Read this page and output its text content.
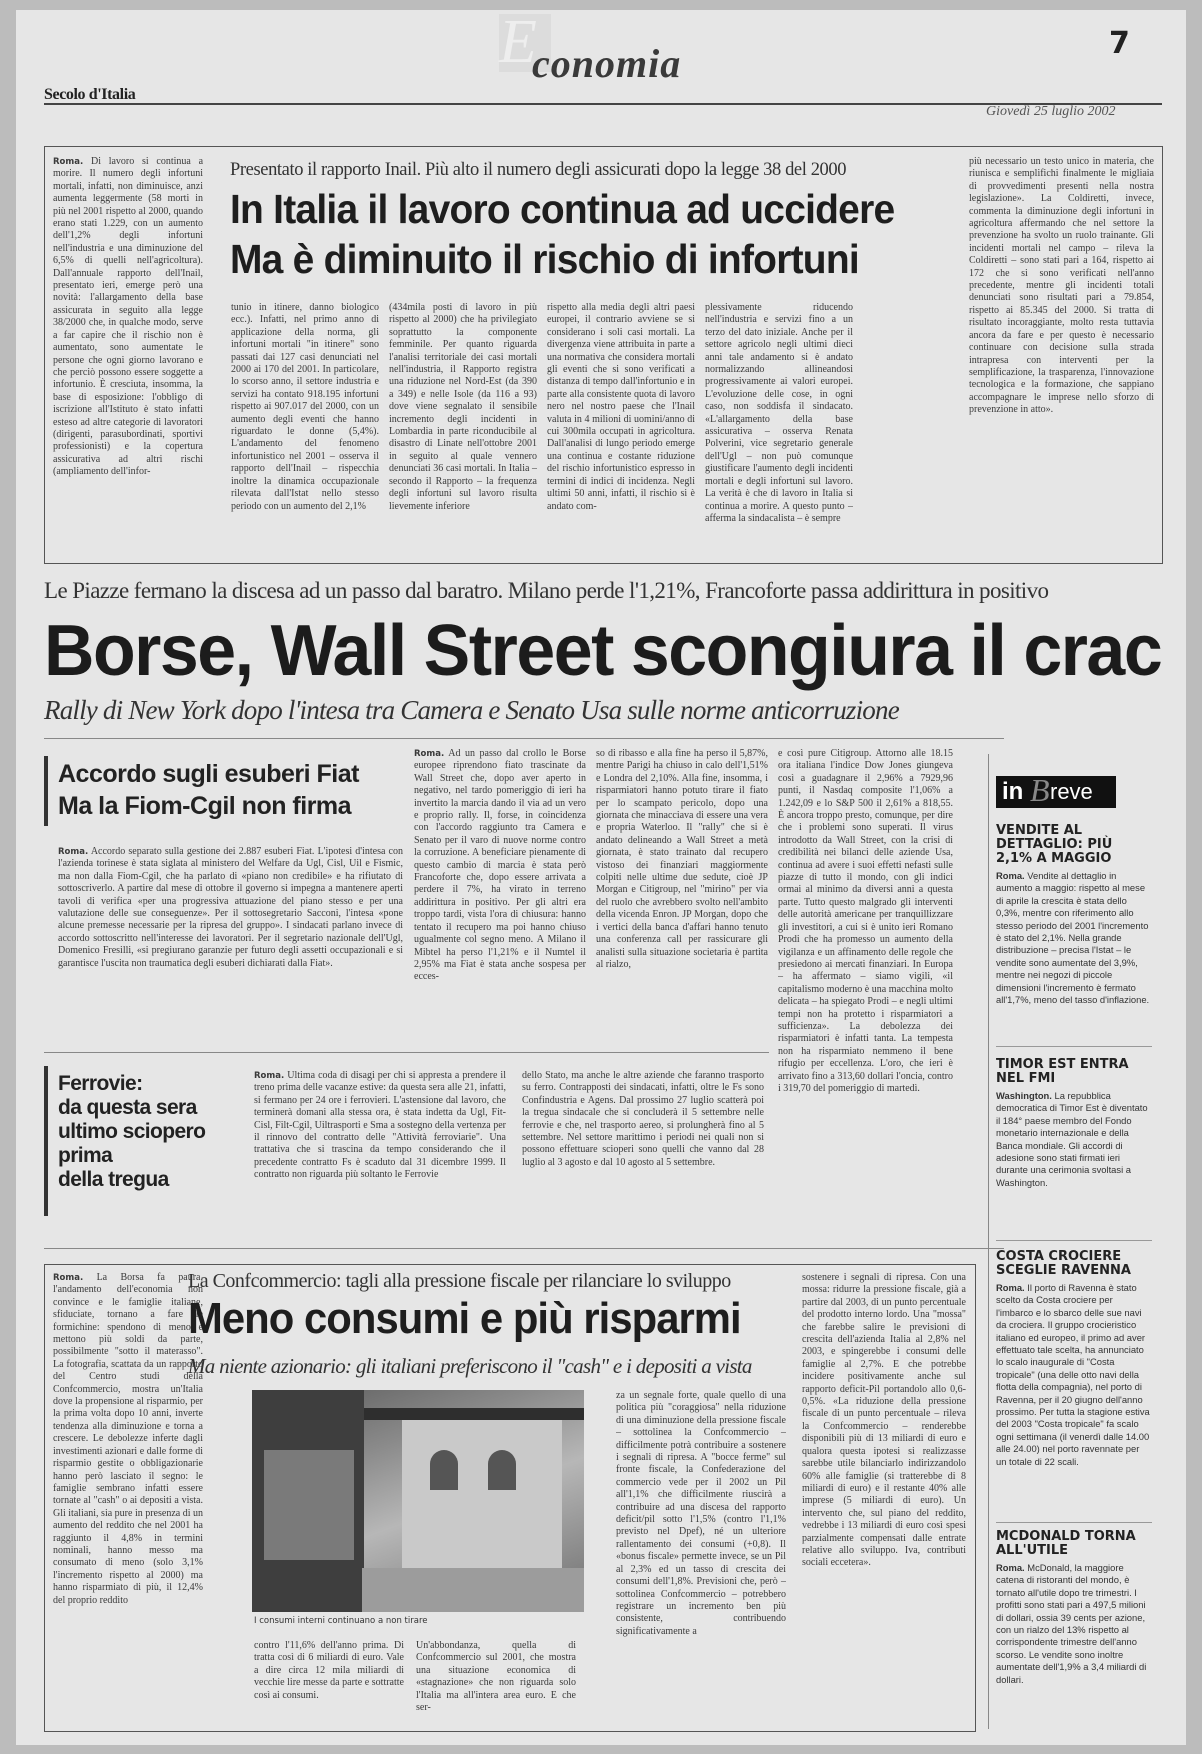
E
conomia	7
Secolo d'Italia
Giovedì 25 luglio 2002
Roma. Di lavoro si continua a morire. Il numero degli infortuni mortali, infatti, non diminuisce, anzi aumenta leggermente (58 morti in più nel 2001 rispetto al 2000, quando erano stati 1.229, con un aumento dell'1,2% degli infortuni nell'industria e una diminuzione del 6,5% di quelli nell'agricoltura). Dall'annuale rapporto dell'Inail, presentato ieri, emerge però una novità: l'allargamento della base assicurata in seguito alla legge 38/2000 che, in qualche modo, serve a far capire che il rischio non è aumentato, sono aumentate le persone che ogni giorno lavorano e che perciò possono essere soggette a infortunio. È cresciuta, insomma, la base di esposizione: l'obbligo di iscrizione all'Istituto è stato infatti esteso ad altre categorie di lavoratori (dirigenti, parasubordinati, sportivi professionisti) e la copertura assicurativa ad altri rischi (ampliamento dell'infor-
Presentato il rapporto Inail. Più alto il numero degli assicurati dopo la legge 38 del 2000
In Italia il lavoro continua ad uccidere
Ma è diminuito il rischio di infortuni
tunio in itinere, danno biologico ecc.). Infatti, nel primo anno di applicazione della norma, gli infortuni mortali "in itinere" sono passati dai 127 casi denunciati nel 2000 ai 170 del 2001. In particolare, lo scorso anno, il settore industria e servizi ha contato 918.195 infortuni rispetto ai 907.017 del 2000, con un aumento degli eventi che hanno riguardato le donne (5,4%). L'andamento del fenomeno infortunistico nel 2001 – osserva il rapporto dell'Inail – rispecchia inoltre la dinamica occupazionale rilevata dall'Istat nello stesso periodo con un aumento del 2,1%
(434mila posti di lavoro in più rispetto al 2000) che ha privilegiato soprattutto la componente femminile. Per quanto riguarda l'analisi territoriale dei casi mortali nell'industria, il Rapporto registra una riduzione nel Nord-Est (da 390 a 349) e nelle Isole (da 116 a 93) dove viene segnalato il sensibile incremento degli incidenti in Lombardia in parte riconducibile al disastro di Linate nell'ottobre 2001 in seguito al quale vennero denunciati 36 casi mortali. In Italia – secondo il Rapporto – la frequenza degli infortuni sul lavoro risulta lievemente inferiore
rispetto alla media degli altri paesi europei, il contrario avviene se si considerano i soli casi mortali. La divergenza viene attribuita in parte a una normativa che considera mortali gli eventi che si sono verificati a distanza di tempo dall'infortunio e in parte alla consistente quota di lavoro nero nel nostro paese che l'Inail valuta in 4 milioni di uomini/anno di cui 300mila occupati in agricoltura. Dall'analisi di lungo periodo emerge una continua e costante riduzione del rischio infortunistico espresso in termini di indici di incidenza. Negli ultimi 50 anni, infatti, il rischio si è andato com-
plessivamente riducendo nell'industria e servizi fino a un terzo del dato iniziale. Anche per il settore agricolo negli ultimi dieci anni tale andamento si è andato normalizzando allineandosi progressivamente ai valori europei. L'evoluzione delle cose, in ogni caso, non soddisfa il sindacato. «L'allargamento della base assicurativa – osserva Renata Polverini, vice segretario generale dell'Ugl – non può comunque giustificare l'aumento degli incidenti mortali e degli infortuni sul lavoro. La verità è che di lavoro in Italia si continua a morire. A questo punto – afferma la sindacalista – è sempre
più necessario un testo unico in materia, che riunisca e semplifichi finalmente le migliaia di provvedimenti presenti nella nostra legislazione». La Coldiretti, invece, commenta la diminuzione degli infortuni in agricoltura affermando che nel settore la prevenzione ha svolto un ruolo trainante. Gli incidenti mortali nel campo – rileva la Coldiretti – sono stati pari a 164, rispetto ai 172 che si sono verificati nell'anno precedente, mentre gli incidenti totali denunciati sono risultati pari a 79.854, rispetto ai 85.345 del 2000. Si tratta di risultato incoraggiante, molto resta tuttavia ancora da fare e per questo è necessario continuare con decisione sulla strada intrapresa con interventi per la semplificazione, la trasparenza, l'innovazione tecnologica e la formazione, che sappiano accompagnare le imprese nello sforzo di prevenzione in atto».
Le Piazze fermano la discesa ad un passo dal baratro. Milano perde l'1,21%, Francoforte passa addirittura in positivo
Borse, Wall Street scongiura il crac
Rally di New York dopo l'intesa tra Camera e Senato Usa sulle norme anticorruzione
Roma. Ad un passo dal crollo le Borse europee riprendono fiato trascinate da Wall Street che, dopo aver aperto in negativo, nel tardo pomeriggio di ieri ha invertito la marcia dando il via ad un vero e proprio rally. Il, forse, in coincidenza con l'accordo raggiunto tra Camera e Senato per il varo di nuove norme contro la corruzione. A beneficiare pienamente di questo cambio di marcia è stata però Francoforte che, dopo essere arrivata a perdere il 7%, ha virato in terreno addirittura in positivo. Per gli altri era troppo tardi, vista l'ora di chiusura: hanno tentato il recupero ma poi hanno chiuso ugualmente col segno meno. A Milano il Mibtel ha perso l'1,21% e il Numtel il 2,95% ma Fiat è stata anche sospesa per ecces-
so di ribasso e alla fine ha perso il 5,87%, mentre Parigi ha chiuso in calo dell'1,51% e Londra del 2,10%. Alla fine, insomma, i risparmiatori hanno potuto tirare il fiato per lo scampato pericolo, dopo una giornata che minacciava di essere una vera e propria Waterloo. Il "rally" che si è andato delineando a Wall Street a metà giornata, è stato trainato dal recupero vistoso dei finanziari maggiormente colpiti nelle ultime due sedute, cioè JP Morgan e Citigroup, nel "mirino" per via del ruolo che avrebbero svolto nell'ambito della vicenda Enron. JP Morgan, dopo che i vertici della banca d'affari hanno tenuto una conferenza call per rassicurare gli analisti sulla situazione societaria è partita al rialzo,
e così pure Citigroup. Attorno alle 18.15 ora italiana l'indice Dow Jones giungeva così a guadagnare il 2,96% a 7929,96 punti, il Nasdaq composite l'1,06% a 1.242,09 e lo S&P 500 il 2,61% a 818,55. È ancora troppo presto, comunque, per dire che i problemi sono superati. Il virus introdotto da Wall Street, con la crisi di credibilità nei bilanci delle aziende Usa, continua ad avere i suoi effetti nefasti sulle piazze di tutto il mondo, con gli indici ormai al minimo da diversi anni a questa parte. Tutto questo malgrado gli interventi delle autorità americane per tranquillizzare gli investitori, a cui si è unito ieri Romano Prodi che ha promesso un aumento della vigilanza e un affinamento delle regole che presiedono ai mercati finanziari. In Europa – ha affermato – siamo vigili, «il capitalismo moderno è una macchina molto delicata – ha spiegato Prodi – e negli ultimi tempi non ha protetto i risparmiatori a sufficienza». La debolezza dei risparmiatori è infatti tanta. La tempesta non ha risparmiato nemmeno il bene rifugio per eccellenza. L'oro, che ieri è arrivato fino a 313,60 dollari l'oncia, contro i 319,70 del pomeriggio di martedì.
Accordo sugli esuberi Fiat
Ma la Fiom-Cgil non firma
Roma. Accordo separato sulla gestione dei 2.887 esuberi Fiat. L'ipotesi d'intesa con l'azienda torinese è stata siglata al ministero del Welfare da Ugl, Cisl, Uil e Fismic, ma non dalla Fiom-Cgil, che ha parlato di «piano non credibile» e ha rifiutato di sottoscriverlo. A partire dal mese di ottobre il governo si impegna a mantenere aperti tavoli di verifica «per una progressiva attuazione del piano stesso e per una valutazione delle sue conseguenze». Per il sottosegretario Sacconi, l'intesa «pone alcune premesse necessarie per la ripresa del gruppo». I sindacati parlano invece di accordo sottoscritto nell'interesse dei lavoratori. Per il segretario nazionale dell'Ugl, Domenico Fresilli, «si pregiurano garanzie per futuro degli assetti occupazionali e si garantisce l'uscita non traumatica degli esuberi dichiarati dalla Fiat».
Ferrovie:
da questa sera
ultimo sciopero
prima
della tregua
Roma. Ultima coda di disagi per chi si appresta a prendere il treno prima delle vacanze estive: da questa sera alle 21, infatti, si fermano per 24 ore i ferrovieri. L'astensione dal lavoro, che terminerà domani alla stessa ora, è stata indetta da Ugl, Fit-Cisl, Filt-Cgil, Uiltrasporti e Sma a sostegno della vertenza per il rinnovo del contratto delle "Attività ferroviarie". Una trattativa che si trascina da tempo considerando che il precedente contratto Fs è scaduto dal 31 dicembre 1999. Il contratto non riguarda più soltanto le Ferrovie
dello Stato, ma anche le altre aziende che faranno trasporto su ferro. Contrapposti dei sindacati, infatti, oltre le Fs sono Confindustria e Agens. Dal prossimo 27 luglio scatterà poi la tregua sindacale che si concluderà il 5 settembre nelle ferrovie e che, nel trasporto aereo, si prolungherà fino al 5 settembre. Nel settore marittimo i periodi nei quali non si possono effettuare scioperi sono quelli che vanno dal 28 luglio al 3 agosto e dal 10 agosto al 5 settembre.
in B reve
VENDITE AL DETTAGLIO: PIÙ 2,1% A MAGGIO

Roma. Vendite al dettaglio in aumento a maggio: rispetto al mese di aprile la crescita è stata dello 0,3%, mentre con riferimento allo stesso periodo del 2001 l'incremento è stato del 2,1%. Nella grande distribuzione – precisa l'Istat – le vendite sono aumentate del 3,9%, mentre nei negozi di piccole dimensioni l'incremento è fermato all'1,7%, meno del tasso d'inflazione.

TIMOR EST ENTRA NEL FMI

Washington. La repubblica democratica di Timor Est è diventato il 184° paese membro del Fondo monetario internazionale e della Banca mondiale. Gli accordi di adesione sono stati firmati ieri durante una cerimonia svoltasi a Washington.

COSTA CROCIERE SCEGLIE RAVENNA

Roma. Il porto di Ravenna è stato scelto da Costa crociere per l'imbarco e lo sbarco delle sue navi da crociera. Il gruppo crocieristico italiano ed europeo, il primo ad aver effettuato tale scelta, ha annunciato lo scalo inaugurale di "Costa tropicale" (una delle otto navi della flotta della compagnia), nel porto di Ravenna, per il 20 giugno dell'anno prossimo. Per tutta la stagione estiva del 2003 "Costa tropicale" fa scalo ogni settimana (il venerdì dalle 14.00 alle 24.00) nel porto ravennate per un totale di 22 scali.

MCDONALD TORNA ALL'UTILE

Roma. McDonald, la maggiore catena di ristoranti del mondo, è tornato all'utile dopo tre trimestri. I profitti sono stati pari a 497,5 milioni di dollari, ossia 39 cents per azione, con un rialzo del 13% rispetto al corrispondente trimestre dell'anno scorso. Le vendite sono inoltre aumentate dell'1,9% a 3,4 miliardi di dollari.

Roma. La Borsa fa paura, l'andamento dell'economia non convince e le famiglie italiane, sfiduciate, tornano a fare le formichine: spendono di meno e mettono più soldi da parte, possibilmente "sotto il materasso". La fotografia, scattata da un rapporto del Centro studi della Confcommercio, mostra un'Italia dove la propensione al risparmio, per la prima volta dopo 10 anni, inverte tendenza alla diminuzione e torna a crescere. Le debolezze inferte dagli investimenti azionari e dalle forme di risparmio gestite o obbligazionarie hanno però lasciato il segno: le famiglie sembrano infatti essere tornate al "cash" o ai depositi a vista. Gli italiani, sia pure in presenza di un aumento del reddito che nel 2001 ha raggiunto il 4,8% in termini nominali, hanno messo ma consumato di meno (solo 3,1% l'incremento rispetto al 2000) ma hanno risparmiato di più, il 12,4% del proprio reddito
La Confcommercio: tagli alla pressione fiscale per rilanciare lo sviluppo
Meno consumi e più risparmi
Ma niente azionario: gli italiani preferiscono il "cash" e i depositi a vista
I consumi interni continuano a non tirare
contro l'11,6% dell'anno prima. Di tratta così di 6 miliardi di euro. Vale a dire circa 12 mila miliardi di vecchie lire messe da parte e sottratte così ai consumi.
Un'abbondanza, quella di Confcommercio sul 2001, che mostra una situazione economica di «stagnazione» che non riguarda solo l'Italia ma all'intera area euro. E che ser-
za un segnale forte, quale quello di una politica più "coraggiosa" nella riduzione di una diminuzione della pressione fiscale – sottolinea la Confcommercio – difficilmente potrà contribuire a sostenere i segnali di ripresa. A "bocce ferme" sul fronte fiscale, la Confederazione del commercio vede per il 2002 un Pil all'1,1% che difficilmente riuscirà a contribuire ad una discesa del rapporto deficit/pil sotto l'1,5% (contro l'1,1% previsto nel Dpef), né un ulteriore rallentamento dei consumi (+0,8). Il «bonus fiscale» permette invece, se un Pil al 2,3% ed un tasso di crescita dei consumi dell'1,8%. Previsioni che, però – sottolinea Confcommercio – potrebbero registrare un incremento ben più consistente, contribuendo significativamente a
sostenere i segnali di ripresa. Con una mossa: ridurre la pressione fiscale, già a partire dal 2003, di un punto percentuale del prodotto interno lordo. Una "mossa" che farebbe salire le previsioni di crescita dell'azienda Italia al 2,8% nel 2003, e spingerebbe i consumi delle famiglie al 2,7%. E che potrebbe incidere positivamente anche sul rapporto deficit-Pil portandolo allo 0,6-0,5%. «La riduzione della pressione fiscale di un punto percentuale – rileva la Confcommercio – renderebbe disponibili più di 13 miliardi di euro e qualora questa ipotesi si realizzasse sarebbe utile bilanciarlo indirizzandolo 60% alle famiglie (si tratterebbe di 8 miliardi di euro) e il restante 40% alle imprese (5 miliardi di euro). Un intervento che, sul piano del reddito, vedrebbe i 13 miliardi di euro così spesi parzialmente compensati dalle entrate relative allo sviluppo. Iva, contributi sociali eccetera».
